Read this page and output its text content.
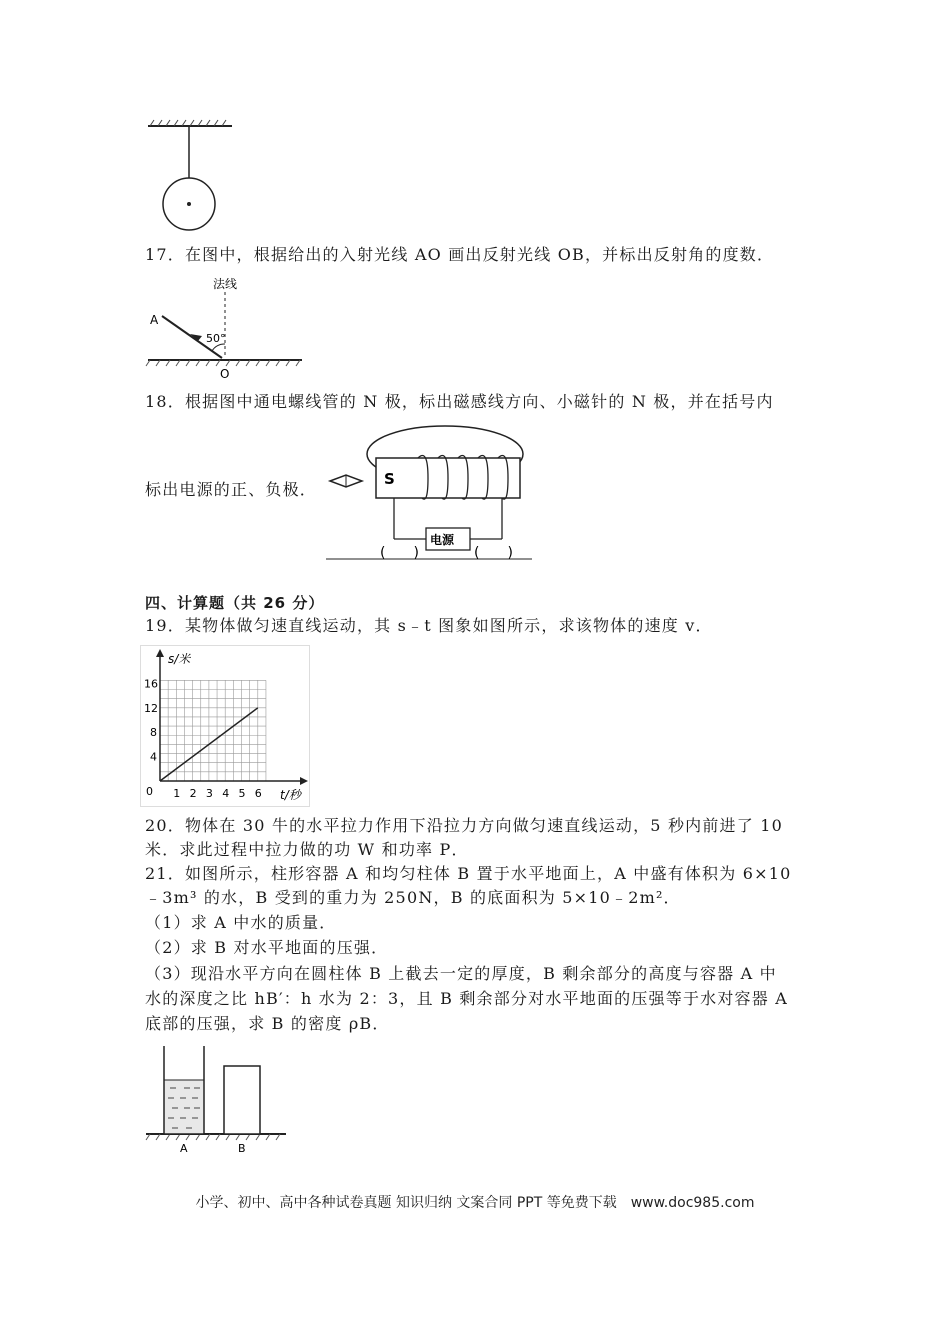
17．在图中，根据给出的入射光线 AO 画出反射光线 OB，并标出反射角的度数．
法线
A
50°
O
18．根据图中通电螺线管的 N 极，标出磁感线方向、小磁针的 N 极，并在括号内
标出电源的正、负极．
S
电源
(　　)	(　　)
四、计算题（共 26 分）
19．某物体做匀速直线运动，其 s﹣t 图象如图所示，求该物体的速度 v．
1 2 3 4 5 6
4
8
12
16
0
s/米
t/秒
20．物体在 30 牛的水平拉力作用下沿拉力方向做匀速直线运动，5 秒内前进了 10
米．求此过程中拉力做的功 W 和功率 P．
21．如图所示，柱形容器 A 和均匀柱体 B 置于水平地面上，A 中盛有体积为 6×10
﹣3m³ 的水，B 受到的重力为 250N，B 的底面积为 5×10﹣2m²．
（1）求 A 中水的质量．
（2）求 B 对水平地面的压强．
（3）现沿水平方向在圆柱体 B 上截去一定的厚度，B 剩余部分的高度与容器 A 中
水的深度之比 hB′：h 水为 2：3，且 B 剩余部分对水平地面的压强等于水对容器 A
底部的压强，求 B 的密度 ρB．
A	B
小学、初中、高中各种试卷真题 知识归纳 文案合同 PPT 等免费下载　www.doc985.com
